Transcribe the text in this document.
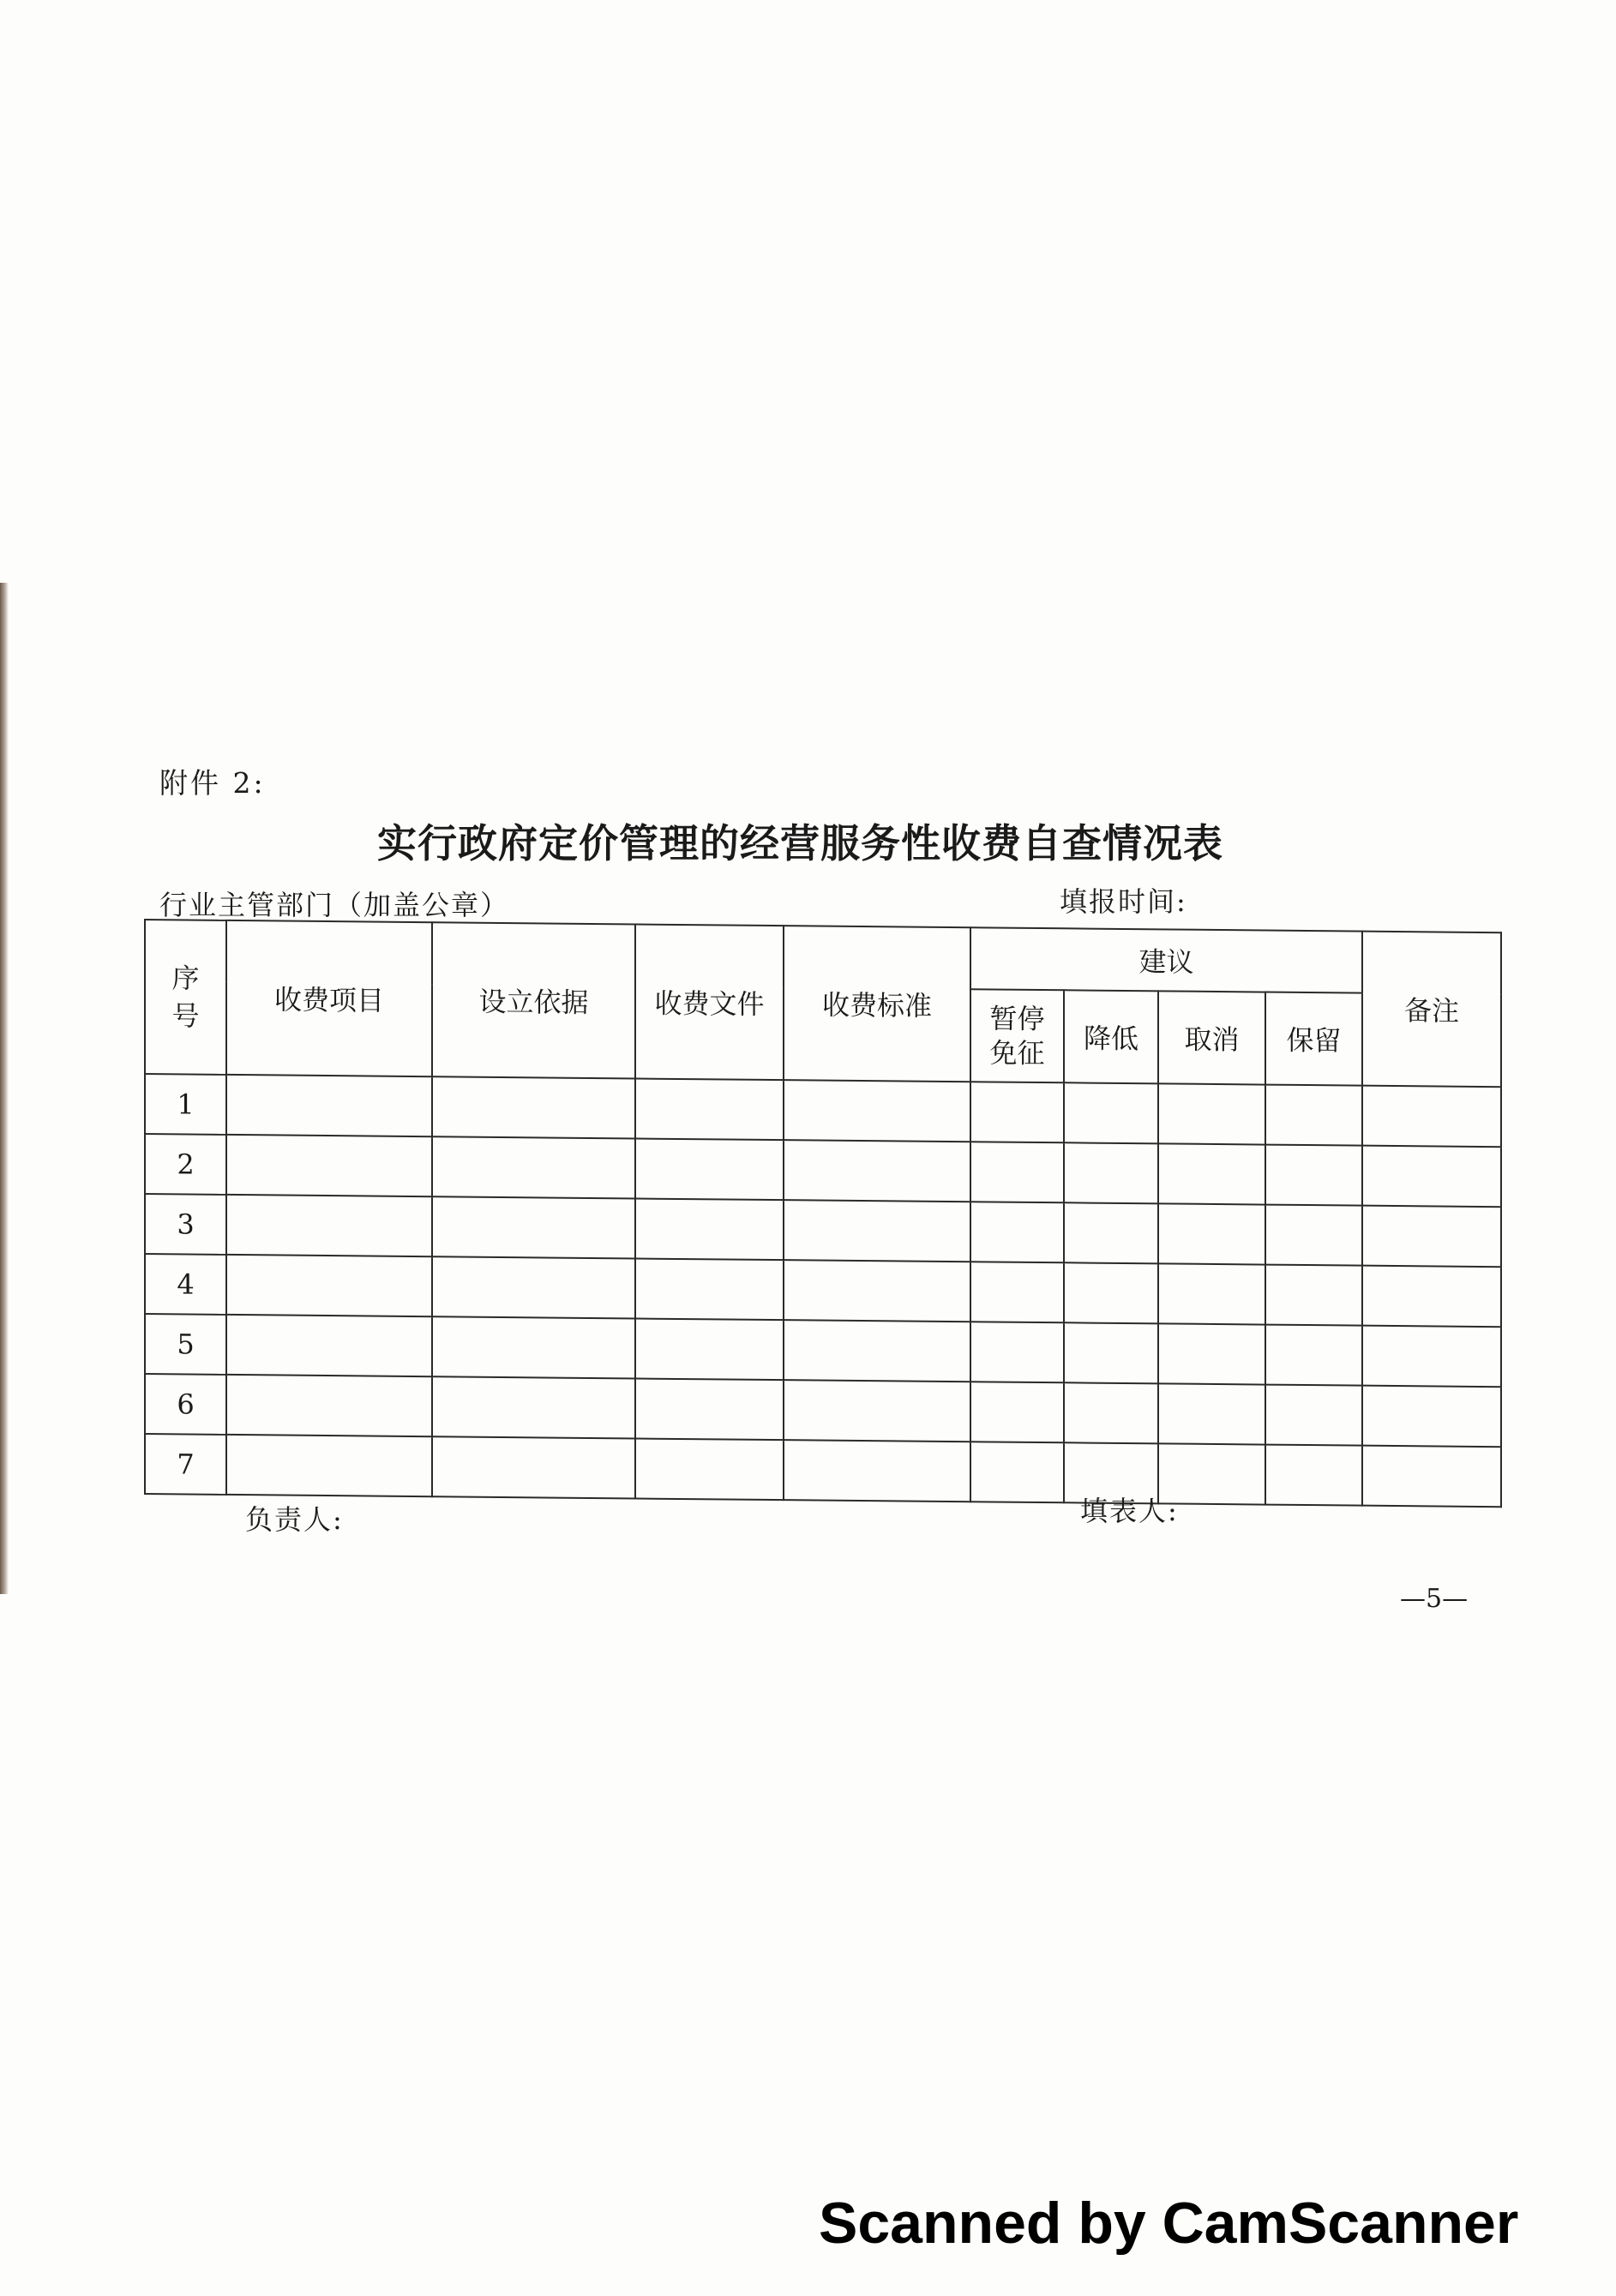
附件 2:
实行政府定价管理的经营服务性收费自查情况表
行业主管部门（加盖公章）	填报时间:
序号	收费项目	设立依据	收费文件	收费标准	建议				备注

					暂停免征	降低	取消	保留	
1									
2									
3									
4									
5									
6									
7									
负责人:	填表人:
—5—
Scanned by CamScanner
